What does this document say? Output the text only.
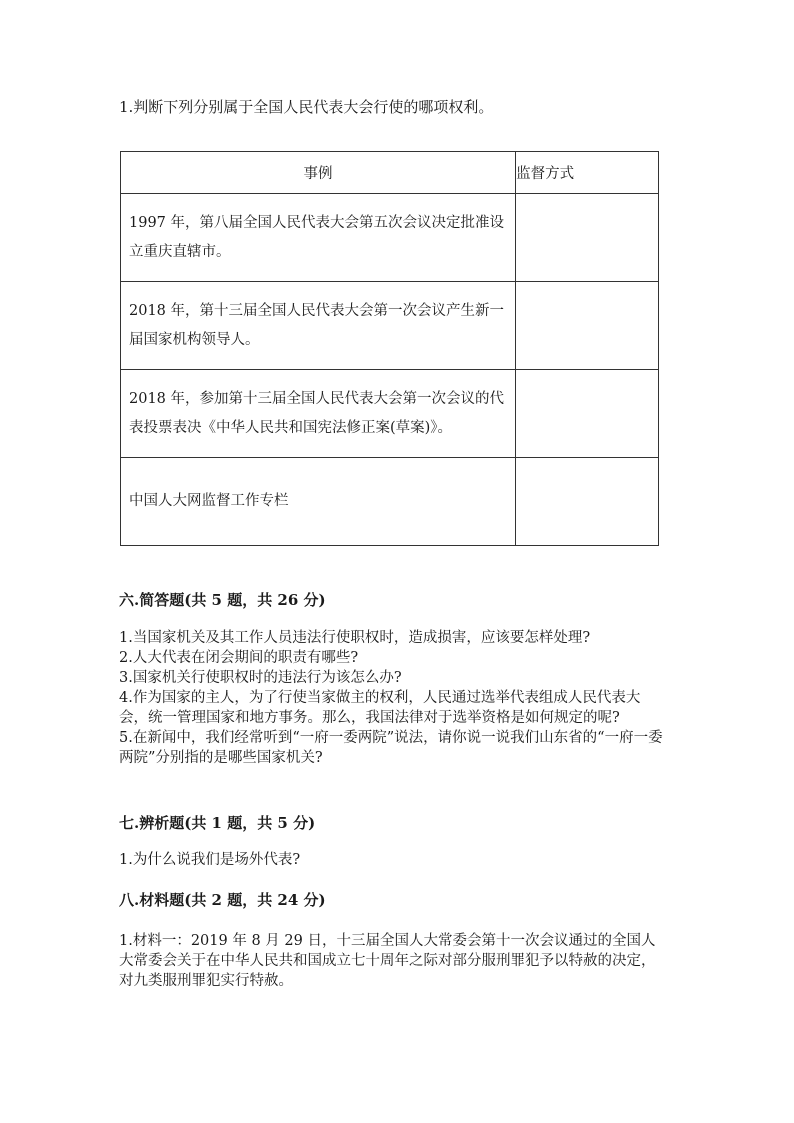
1.判断下列分别属于全国人民代表大会行使的哪项权利。
事例	监督方式
1997 年，第八届全国人民代表大会第五次会议决定批准设立重庆直辖市。	
2018 年，第十三届全国人民代表大会第一次会议产生新一届国家机构领导人。	
2018 年，参加第十三届全国人民代表大会第一次会议的代表投票表决《中华人民共和国宪法修正案(草案)》。	
中国人大网监督工作专栏	
六.简答题(共 5 题，共 26 分)

1.当国家机关及其工作人员违法行使职权时，造成损害，应该要怎样处理?

2.人大代表在闭会期间的职责有哪些?

3.国家机关行使职权时的违法行为该怎么办?

4.作为国家的主人，为了行使当家做主的权利，人民通过选举代表组成人民代表大会，统一管理国家和地方事务。那么，我国法律对于选举资格是如何规定的呢?

5.在新闻中，我们经常听到“一府一委两院”说法，请你说一说我们山东省的“一府一委两院”分别指的是哪些国家机关?

七.辨析题(共 1 题，共 5 分)

1.为什么说我们是场外代表?

八.材料题(共 2 题，共 24 分)

1.材料一：2019 年 8 月 29 日，十三届全国人大常委会第十一次会议通过的全国人大常委会关于在中华人民共和国成立七十周年之际对部分服刑罪犯予以特赦的决定，对九类服刑罪犯实行特赦。
